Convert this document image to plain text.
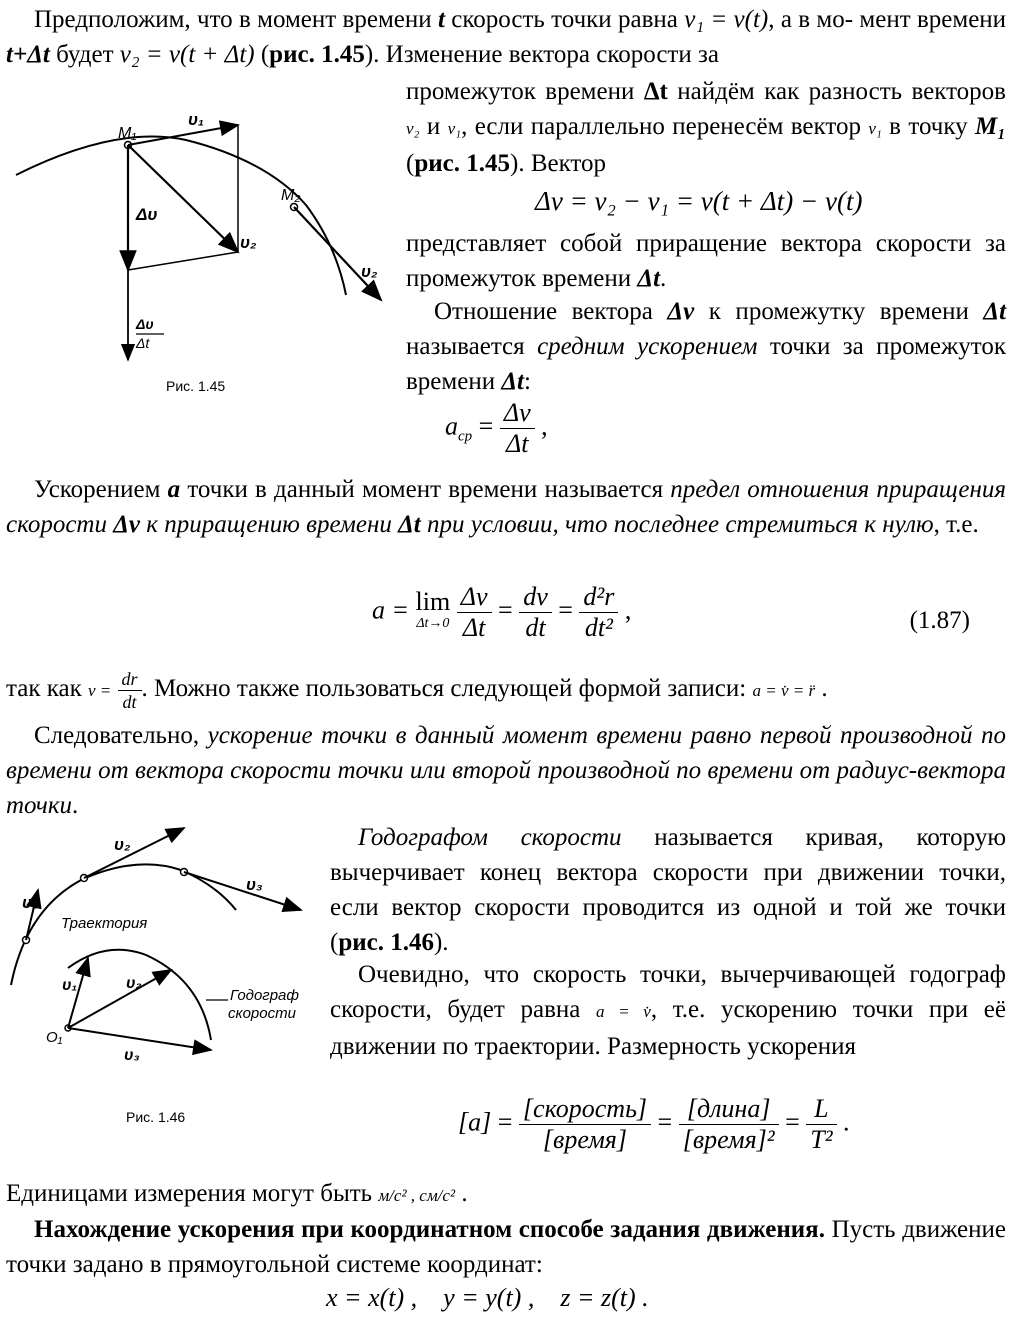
Предположим, что в момент времени t скорость точки равна v₁ = v(t), а в мо- мент времени t+Δt будет v₂ = v(t + Δt) (рис. 1.45). Изменение вектора скорости за
M₁
υ₁
M₂
Δυ
υ₂
υ₂
Δυ
Δt
Рис. 1.45
промежуток времени Δt найдём как разность векторов v₂ и v₁, если параллельно перенесём вектор v₁ в точку M₁ (рис. 1.45). Вектор
Δv = v₂ − v₁ = v(t + Δt) − v(t)
представляет собой приращение вектора скорости за промежуток времени Δt.
Отношение вектора Δv к промежутку времени Δt называется средним ускорением точки за промежуток времени Δt:
$a_{ср} = \frac{\Delta v}{\Delta t}$ ,
Ускорением a точки в данный момент времени называется предел отношения приращения скорости Δv к приращению времени Δt при условии, что последнее стремиться к нулю, т.е.
a = lim
Δt→0
$\frac{\Delta v}{\Delta t} = \frac{dv}{dt} = \frac{\text{d²r}}{\text{dt²}}$ ,	(1.87)
так как $v = \frac{dr}{dt}$ . Можно также пользоваться следующей формой записи: a = v̇ = r̈ .
Следовательно, ускорение точки в данный момент времени равно первой производной по времени от вектора скорости точки или второй производной по времени от радиус-вектора точки.
υ₁
υ₂
υ₃
Траектория
Годограф
скорости
O₁
υ₁	υ₂
υ₃
Рис. 1.46
Годографом скорости называется кривая, которую вычерчивает конец вектора скорости при движении точки, если вектор скорости проводится из одной и той же точки (рис. 1.46).
Очевидно, что скорость точки, вычерчивающей годограф скорости, будет равна a = v̇, т.е. ускорению точки при её движении по траектории. Размерность ускорения
$[a] = \frac{\text{[скорость]}}{\text{[время]}} = \frac{\text{[длина]}}{\text{[время]²}} = \frac{L}{\text{T²}}$ .
Единицами измерения могут быть м/с² , см/с² .
Нахождение ускорения при координатном способе задания движения. Пусть движение точки задано в прямоугольной системе координат:
x = x(t) ,    y = y(t) ,    z = z(t) .
